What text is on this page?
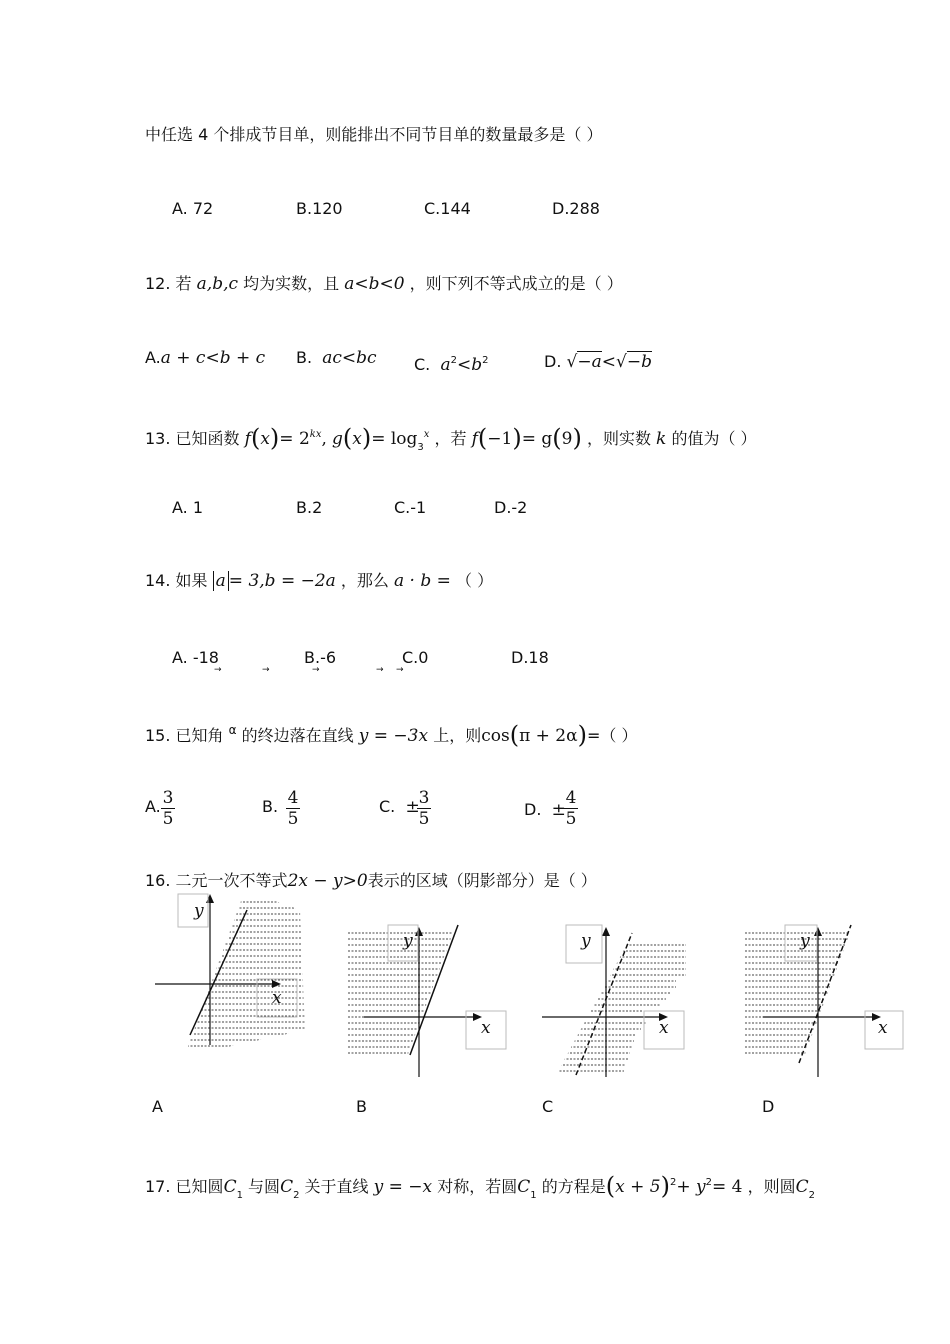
中任选 4 个排成节目单，则能排出不同节目单的数量最多是（ ）
A. 72	B.120	C.144	D.288
12. 若 a,b,c 均为实数，且 a<b<0 ，则下列不等式成立的是（ ）
A.a + c<b + c B. ac<bc C. $a^2<b^2$	D. √−a<√−b
13. 已知函数 $f(x)= 2^{kx}$, $g(x)= \log_3^x$ ，若 f(−1)= g(9) ，则实数 k 的值为（ ）
A. 1	B.2	C.-1	D.-2
14. 如果 a = 3,b = −2a ，那么 a · b = （ ）
A. -18	B.-6	C.0	D.18
→	→	→	→ →
15. 已知角 $^\alpha$ 的终边落在直线 y = −3x 上，则cos(π + 2α)=（ ）
A. 3
5
B. 4
5
C. ±
3
5	D. ±
4
5
16. 二元一次不等式2x − y>0表示的区域（阴影部分）是（ ）
y
x
A
y
x
B
y
x
C
y
x
D
17. 已知圆$C_1$ 与圆$C_2$ 关于直线 y = −x 对称，若圆$C_1$ 的方程是$(x + 5)^2+ y^2= 4$ ，则圆$C_2$
